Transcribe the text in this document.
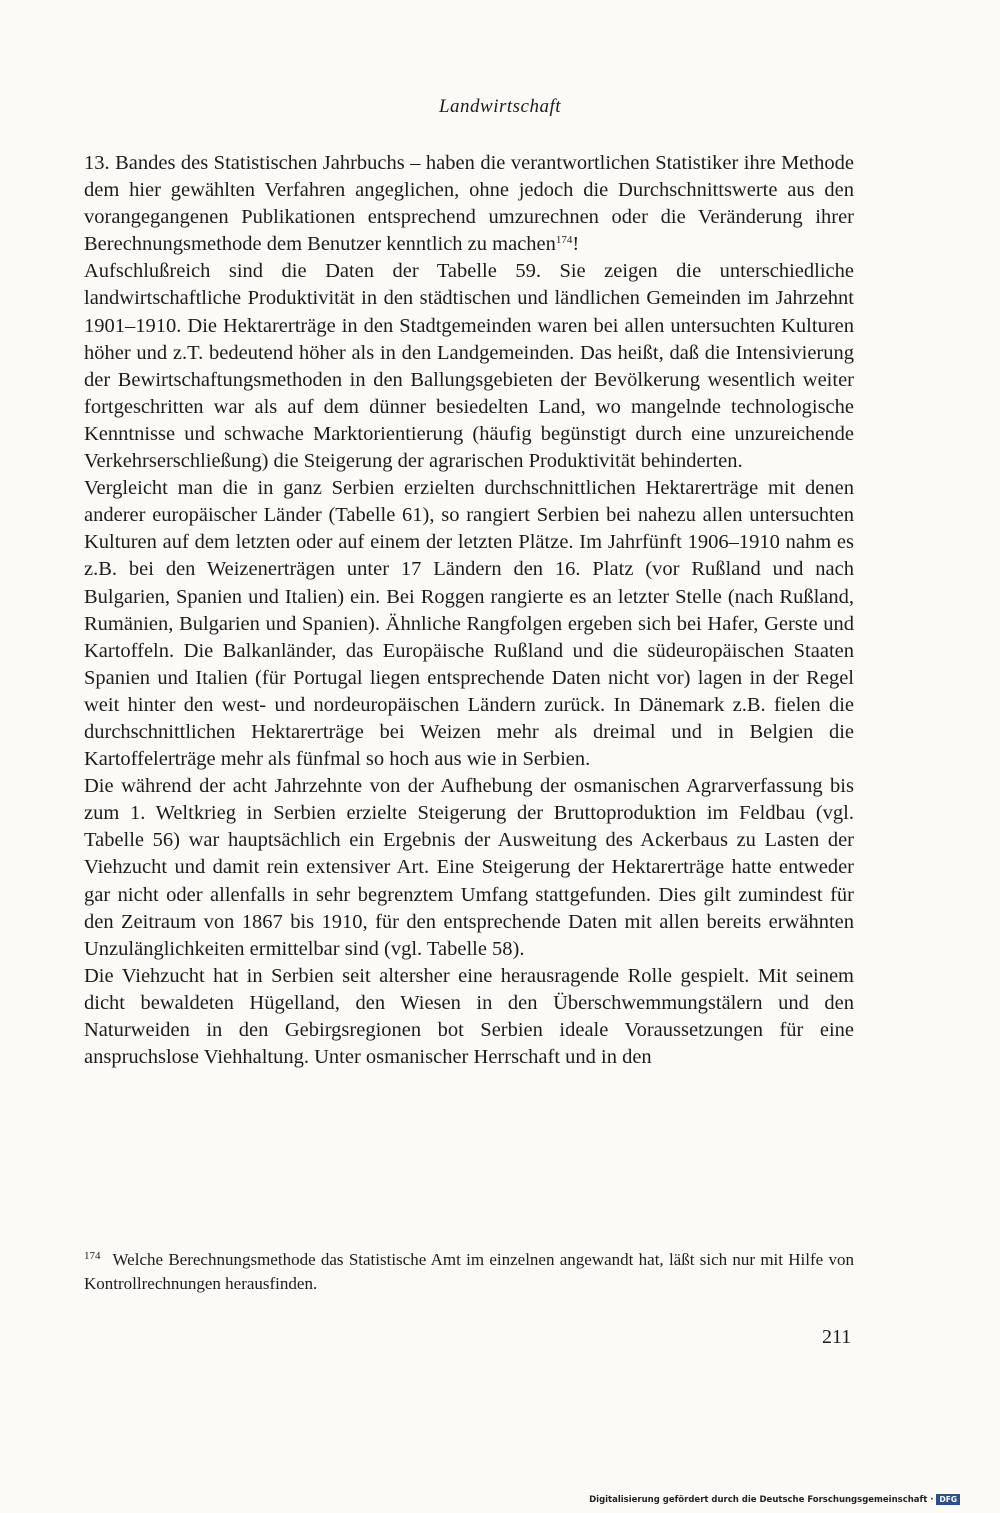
Landwirtschaft

13. Bandes des Statistischen Jahrbuchs – haben die verantwortlichen Statistiker ihre Methode dem hier gewählten Verfahren angeglichen, ohne jedoch die Durchschnittswerte aus den vorangegangenen Publikationen entsprechend umzurechnen oder die Veränderung ihrer Berechnungsmethode dem Benutzer kenntlich zu machen$^{174}$!

Aufschlußreich sind die Daten der Tabelle 59. Sie zeigen die unterschiedliche landwirtschaftliche Produktivität in den städtischen und ländlichen Gemeinden im Jahrzehnt 1901–1910. Die Hektarerträge in den Stadtgemeinden waren bei allen untersuchten Kulturen höher und z.T. bedeutend höher als in den Landgemeinden. Das heißt, daß die Intensivierung der Bewirtschaftungsmethoden in den Ballungsgebieten der Bevölkerung wesentlich weiter fortgeschritten war als auf dem dünner besiedelten Land, wo mangelnde technologische Kenntnisse und schwache Marktorientierung (häufig begünstigt durch eine unzureichende Verkehrserschließung) die Steigerung der agrarischen Produktivität behinderten.

Vergleicht man die in ganz Serbien erzielten durchschnittlichen Hektarerträge mit denen anderer europäischer Länder (Tabelle 61), so rangiert Serbien bei nahezu allen untersuchten Kulturen auf dem letzten oder auf einem der letzten Plätze. Im Jahrfünft 1906–1910 nahm es z.B. bei den Weizenerträgen unter 17 Ländern den 16. Platz (vor Rußland und nach Bulgarien, Spanien und Italien) ein. Bei Roggen rangierte es an letzter Stelle (nach Rußland, Rumänien, Bulgarien und Spanien). Ähnliche Rangfolgen ergeben sich bei Hafer, Gerste und Kartoffeln. Die Balkanländer, das Europäische Rußland und die südeuropäischen Staaten Spanien und Italien (für Portugal liegen entsprechende Daten nicht vor) lagen in der Regel weit hinter den west- und nordeuropäischen Ländern zurück. In Dänemark z.B. fielen die durchschnittlichen Hektarerträge bei Weizen mehr als dreimal und in Belgien die Kartoffelerträge mehr als fünfmal so hoch aus wie in Serbien.

Die während der acht Jahrzehnte von der Aufhebung der osmanischen Agrarverfassung bis zum 1. Weltkrieg in Serbien erzielte Steigerung der Bruttoproduktion im Feldbau (vgl. Tabelle 56) war hauptsächlich ein Ergebnis der Ausweitung des Ackerbaus zu Lasten der Viehzucht und damit rein extensiver Art. Eine Steigerung der Hektarerträge hatte entweder gar nicht oder allenfalls in sehr begrenztem Umfang stattgefunden. Dies gilt zumindest für den Zeitraum von 1867 bis 1910, für den entsprechende Daten mit allen bereits erwähnten Unzulänglichkeiten ermittelbar sind (vgl. Tabelle 58).

Die Viehzucht hat in Serbien seit altersher eine herausragende Rolle gespielt. Mit seinem dicht bewaldeten Hügelland, den Wiesen in den Überschwemmungstälern und den Naturweiden in den Gebirgsregionen bot Serbien ideale Voraussetzungen für eine anspruchslose Viehhaltung. Unter osmanischer Herrschaft und in den

$^{174}$ Welche Berechnungsmethode das Statistische Amt im einzelnen angewandt hat, läßt sich nur mit Hilfe von Kontrollrechnungen herausfinden.
211
Digitalisierung gefördert durch die Deutsche Forschungsgemeinschaft · DFG
